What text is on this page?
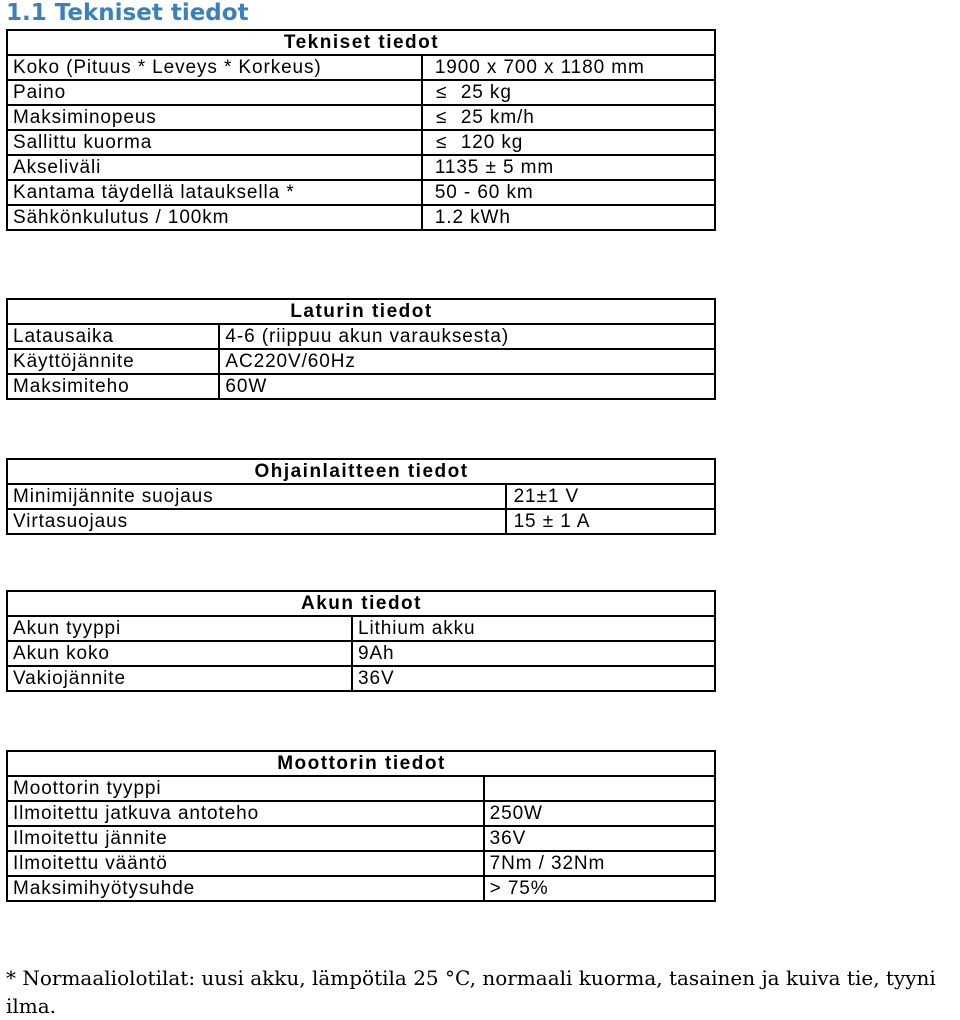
1.1 Tekniset tiedot
Tekniset tiedot	
Koko (Pituus * Leveys * Korkeus)	1900 x 700 x 1180 mm
Paino	≤ 25 kg
Maksiminopeus	≤ 25 km/h
Sallittu kuorma	≤ 120 kg
Akseliväli	1135 ± 5 mm
Kantama täydellä latauksella *	50 - 60 km
Sähkönkulutus / 100km	1.2 kWh
Laturin tiedot	
Latausaika	4-6 (riippuu akun varauksesta)
Käyttöjännite	AC220V/60Hz
Maksimiteho	60W
Ohjainlaitteen tiedot	
Minimijännite suojaus	21±1 V
Virtasuojaus	15 ± 1 A
Akun tiedot	
Akun tyyppi	Lithium akku
Akun koko	9Ah
Vakiojännite	36V
Moottorin tiedot	
Moottorin tyyppi	
Ilmoitettu jatkuva antoteho	250W
Ilmoitettu jännite	36V
Ilmoitettu vääntö	7Nm / 32Nm
Maksimihyötysuhde	> 75%
* Normaaliolotilat: uusi akku, lämpötila 25 °C, normaali kuorma, tasainen ja kuiva tie, tyyni ilma.
